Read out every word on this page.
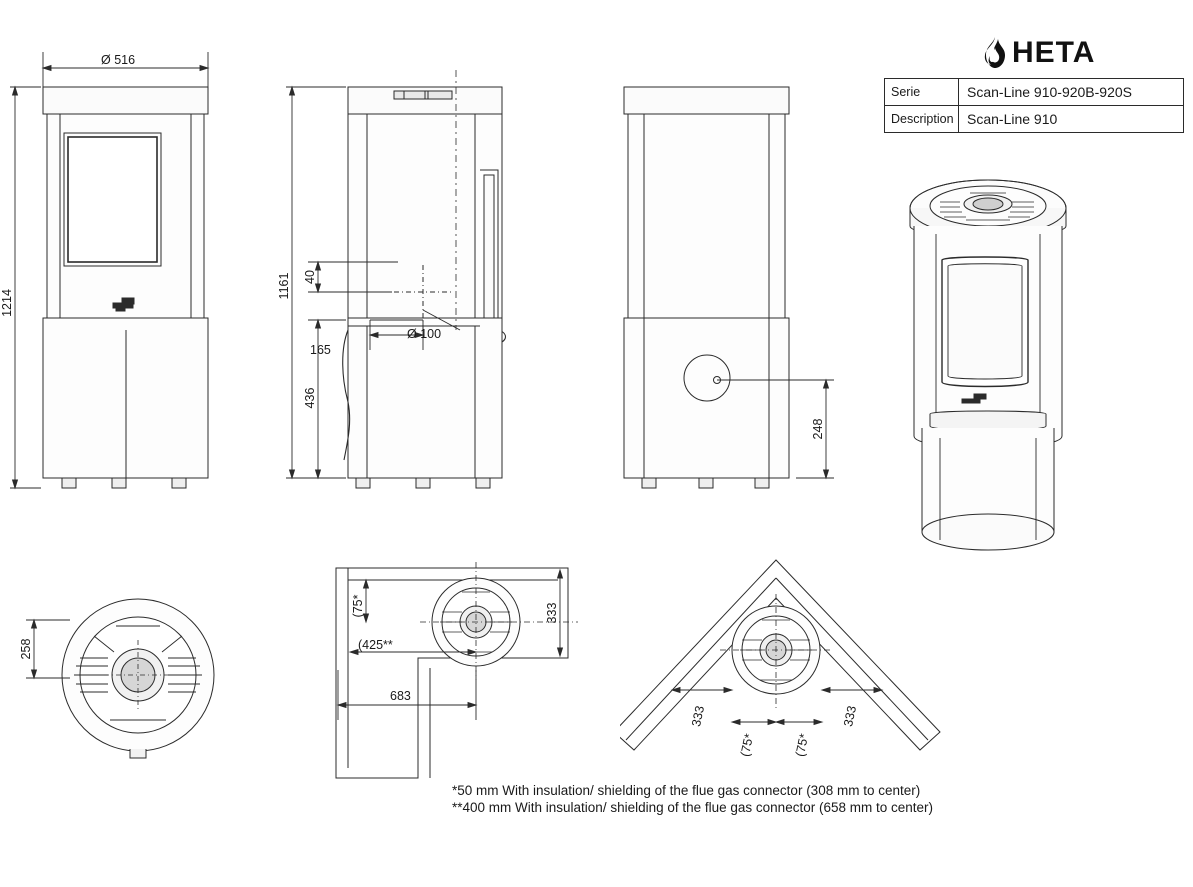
HETA
Serie	Scan-Line 910-920B-920S
Description Scan-Line 910
Ø 516
1214
1161 40
436
165
Ø 100
248
258
333
(75*
(425**
683
333
(75*	(75*
333
*50 mm With insulation/ shielding of the flue gas connector (308 mm to center)
**400 mm With insulation/ shielding of the flue gas connector (658 mm to center)
